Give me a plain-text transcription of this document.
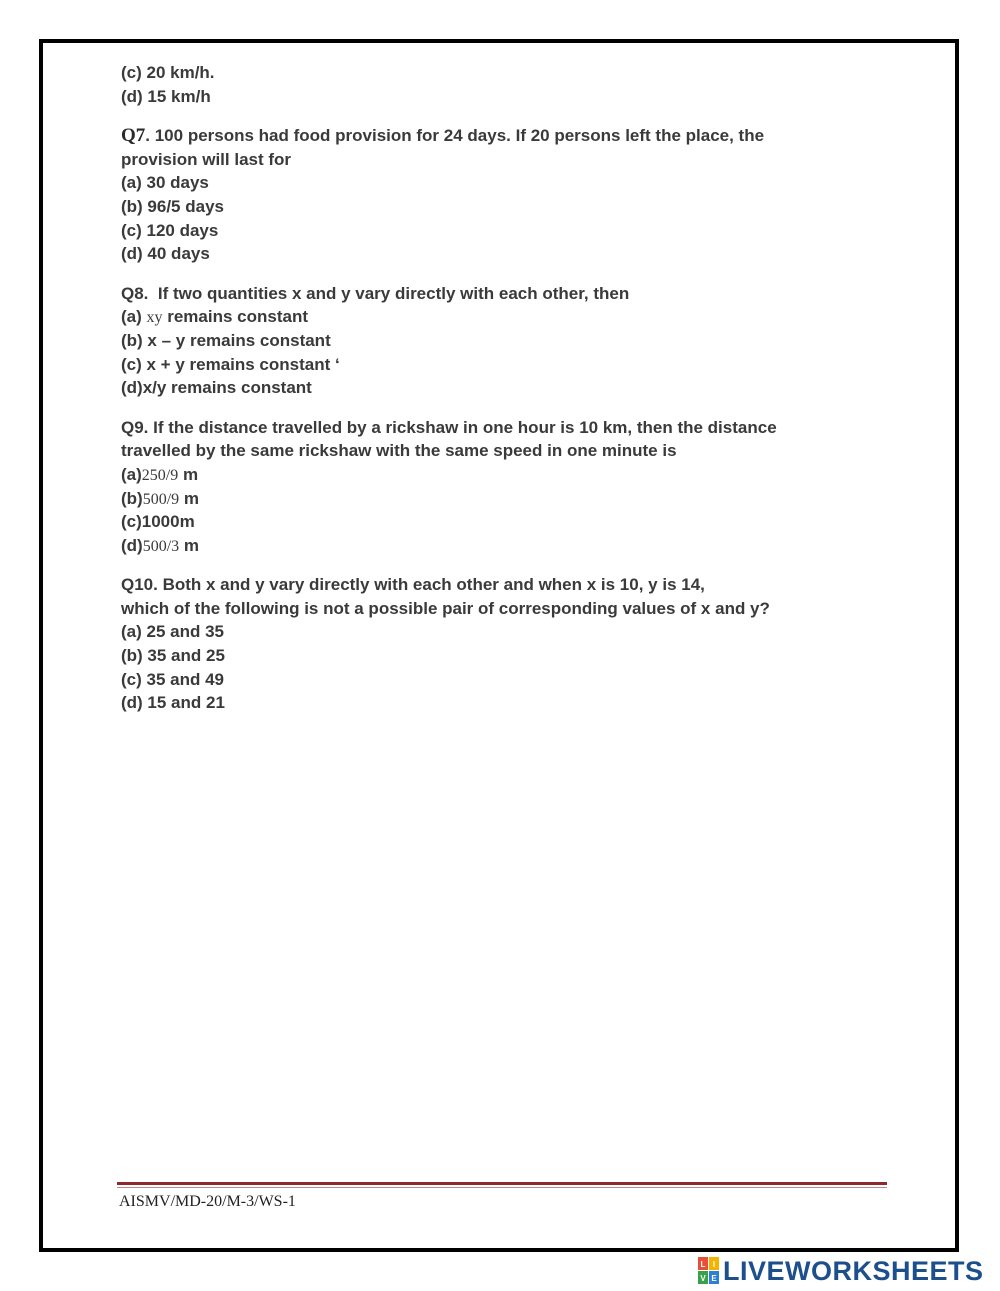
(c) 20 km/h.
(d) 15 km/h
Q7. 100 persons had food provision for 24 days. If 20 persons left the place, the
provision will last for
(a) 30 days
(b) 96/5 days
(c) 120 days
(d) 40 days
Q8.  If two quantities x and y vary directly with each other, then
(a) xy remains constant
(b) x – y remains constant
(c) x + y remains constant ‘
(d)x/y remains constant
Q9. If the distance travelled by a rickshaw in one hour is 10 km, then the distance
travelled by the same rickshaw with the same speed in one minute is
(a)250/9 m
(b)500/9 m
(c)1000m
(d)500/3 m
Q10. Both x and y vary directly with each other and when x is 10, y is 14,
which of the following is not a possible pair of corresponding values of x and y?
(a) 25 and 35
(b) 35 and 25
(c) 35 and 49
(d) 15 and 21
AISMV/MD-20/M-3/WS-1
L I
V E LIVEWORKSHEETS
